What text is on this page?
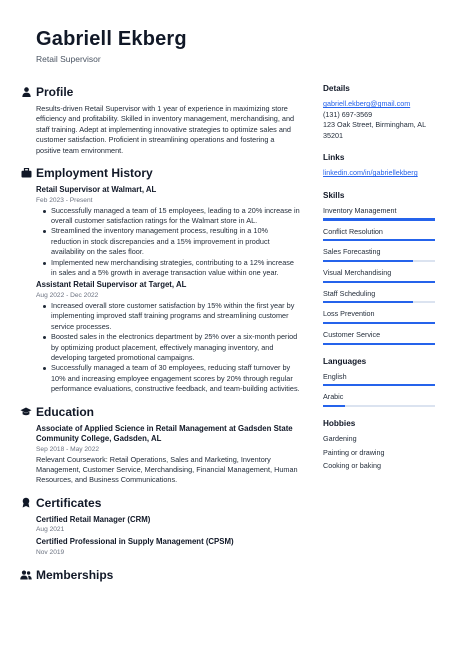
Gabriell Ekberg
Retail Supervisor
Profile
Results-driven Retail Supervisor with 1 year of experience in maximizing store efficiency and profitability. Skilled in inventory management, merchandising, and staff training. Adept at implementing innovative strategies to optimize sales and customer satisfaction. Proficient in streamlining operations and fostering a positive team environment.
Employment History
Retail Supervisor at Walmart, AL
Feb 2023 - Present
Successfully managed a team of 15 employees, leading to a 20% increase in overall customer satisfaction ratings for the Walmart store in AL.
Streamlined the inventory management process, resulting in a 10% reduction in stock discrepancies and a 15% improvement in product availability on the sales floor.
Implemented new merchandising strategies, contributing to a 12% increase in sales and a 5% growth in average transaction value within one year.
Assistant Retail Supervisor at Target, AL
Aug 2022 - Dec 2022
Increased overall store customer satisfaction by 15% within the first year by implementing improved staff training programs and streamlining customer service processes.
Boosted sales in the electronics department by 25% over a six-month period by optimizing product placement, effectively managing inventory, and developing targeted promotional campaigns.
Successfully managed a team of 30 employees, reducing staff turnover by 10% and increasing employee engagement scores by 20% through regular performance evaluations, constructive feedback, and team-building activities.
Education
Associate of Applied Science in Retail Management at Gadsden State Community College, Gadsden, AL
Sep 2018 - May 2022
Relevant Coursework: Retail Operations, Sales and Marketing, Inventory Management, Customer Service, Merchandising, Financial Management, Human Resources, and Business Communications.
Certificates
Certified Retail Manager (CRM)
Aug 2021
Certified Professional in Supply Management (CPSM)
Nov 2019
Memberships
Details
gabriell.ekberg@gmail.com
(131) 697-3569
123 Oak Street, Birmingham, AL 35201
Links
linkedin.com/in/gabriellekberg
Skills
Inventory Management
Conflict Resolution
Sales Forecasting
Visual Merchandising
Staff Scheduling
Loss Prevention
Customer Service
Languages
English
Arabic
Hobbies
Gardening
Painting or drawing
Cooking or baking
